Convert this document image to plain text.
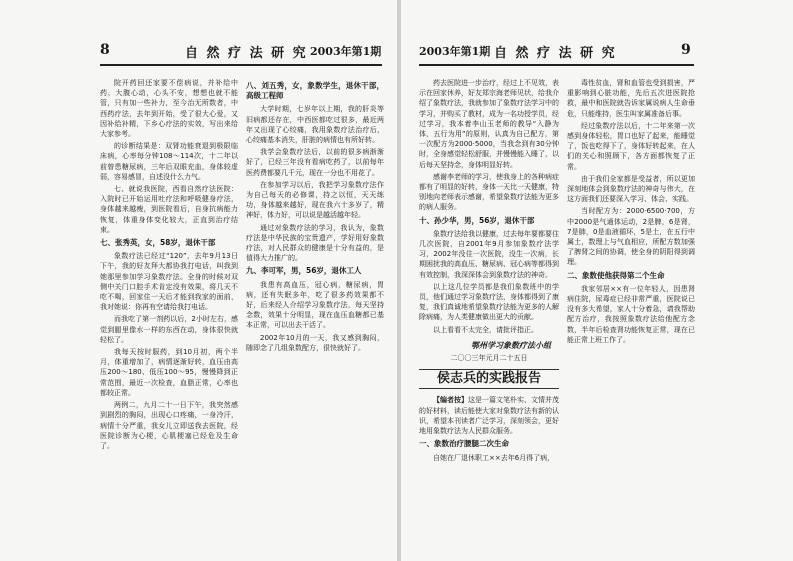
8	自 然 疗 法 研 究 2003年第1期

院开药回还家要不偿病说，并补给中药，大腹心动，心头不安，想想也就不能管，只有加一些补力，至今治无所数者，中西药疗法，去年到开始，受了很大心爱，又因补给补精，下乡心疗法的实效，写出来给大家参考。

的诊断结果是：双肾功能衰退到极限临床病，心率每分钟108～114次，十二年以前曾患糖尿病，三年后双眼充血，身体较虚弱，容易感冒，自述没什么力气。

七、就说我医院，西看自然疗法医院：入院时已开始运用吐疗法和呼吸健身疗法，身体越来越瘦，到医院看后，自身抗病能力恢复，体重身体变化较大，正直到治疗结束。

七、张秀英，女，58岁，退休干部

象数疗法已经过“120”，去年9月13日下午，我的好友拜大都协我打电话，叫我到她那里参加学习象数疗法。全身的时候对双侧中关门口腔手术肯定没有效果，将几天不吃不喝，回家住一天后才能到我家的面前，我对她说：你再有空请给我打电话。

而我吃了第一剂药以后，2小时左右，感觉到腿里像水一样的东西在动，身体很快就轻松了。

我每天按时服药，到10月初，两个半月，体重增加了，病情逐渐好转，血压由高压200～180、低压100～95，慢慢降到正常范围，最近一次检查，血脂正常，心率也都较正常。

两例二，九月二十一日下午，我突然感到剧烈的胸闷，出现心口疼痛，一身冷汗，病情十分严重，我女儿立即送我去医院，经医院诊断为心梗，心肌梗塞已经危及生命了。

八、刘五秀，女，象数学生，退休干部，高级工程师

大学时期，七岁年以上期，我的肝炎等旧病都还存在，中西医都吃过很多，最近两年又出现了心绞痛，我用象数疗法治疗后，心绞痛基本消失，肝脏的病情也有所好转。

我学会象数疗法后，以前的很多病渐渐好了，已经三年没有看病吃药了，以前每年医药费都要几千元，现在一分也不用花了。

在参加学习以后，我把学习象数疗法作为自己每天的必修课，持之以恒，天天练功，身体越来越好，现在我六十多岁了，精神好，体力好，可以说是越活越年轻。

通过对象数疗法的学习，我认为，象数疗法是中华民族的宝贵遗产，学好用好象数疗法，对人民群众的健康是十分有益的，是值得大力推广的。

九、李可军，男，56岁，退休工人

我患有高血压，冠心病，糖尿病，胃病，还有失眠多年，吃了很多药效果都不好，后来经人介绍学习象数疗法，每天坚持念数，效果十分明显，现在血压血糖都已基本正常，可以出去干活了。

2002年10月的一天，我又感到胸闷，随即念了几组象数配方，很快就好了。

2003年第1期 自 然 疗 法 研 究	9

药去医院进一步治疗，经过上不见效，表示在回家休养，好友郑宗海老师见状，给我介绍了象数疗法，我就参加了象数疗法学习中的学习，并购买了教材，成为一名功授学员，经过学习，我本着李山玉老师的教导“入静为体，五行为用”的原则，认真为自己配方，第一次配方为2000·5000，当我念到有30分钟时，全身感觉轻松舒服，并慢慢能入睡了，以后每天坚持念，身体明显好转。

感谢李老师的学习，使我身上的各种病症都有了明显的好转，身体一天比一天健康，特别地向老师表示感谢，希望象数疗法能为更多的病人服务。

十、孙少华，男，56岁，退休干部

象数疗法给我以健康，过去每年要都要住几次医院，自2001年9月参加象数疗法学习，2002年没住一次医院，没生一次病，长期困扰我的高血压、糖尿病、冠心病等都得到有效控制，我深深体会到象数疗法的神奇。

以上这几位学员都是我们象数班中的学员，他们通过学习象数疗法，身体都得到了康复，我们真诚地希望象数疗法能为更多的人解除病痛，为人类健康做出更大的贡献。

以上看看不太完全，请批评指正。

鄂州学习象数疗法小组
二〇〇三年元月二十五日
侯志兵的实践报告

【编者按】这是一篇文笔朴实、文情并茂的好材料，读后能使大家对象数疗法有新的认识，希望本刊读者广泛学习，深刻领会，更好地用象数疗法为人民群众服务。

一、象数治疗腰腿二次生命

自她在厂退休职工××去年6月得了病，

毒性贫血，肾和血管也受到损害，严重影响到心脏功能，先后五次进医院抢救，最中和医院就告诉家属说病人生命垂危，只能维持，医生叫家属准备后事。

经过象数疗法以后，十二年来第一次感到身体轻松，胃口也好了起来，能睡觉了，饭也吃得下了，身体好转起来，在人们的关心和照顾下，各方面都恢复了正常。

由于我们全家都是受益者，所以更加深刻地体会到象数疗法的神奇与伟大，在这方面我们还要深入学习、体会、实践。

当时配方为：2000·6500·700，方中2000是气通体运动，2是脾，6是肾，7是肺，0是血液循环，5是土，在五行中属土，数理上与气血相应，所配方数加强了脾肾之间的协调，使全身的阴阳得到调理。

二、象数使他获得第二个生命

我家邻居××有一位年轻人，因患肾病住院，尿毒症已经非常严重，医院说已没有多大希望，家人十分着急，请我帮助配方治疗，我按照象数疗法给他配方念数，半年后检查肾功能恢复正常，现在已能正常上班工作了。
